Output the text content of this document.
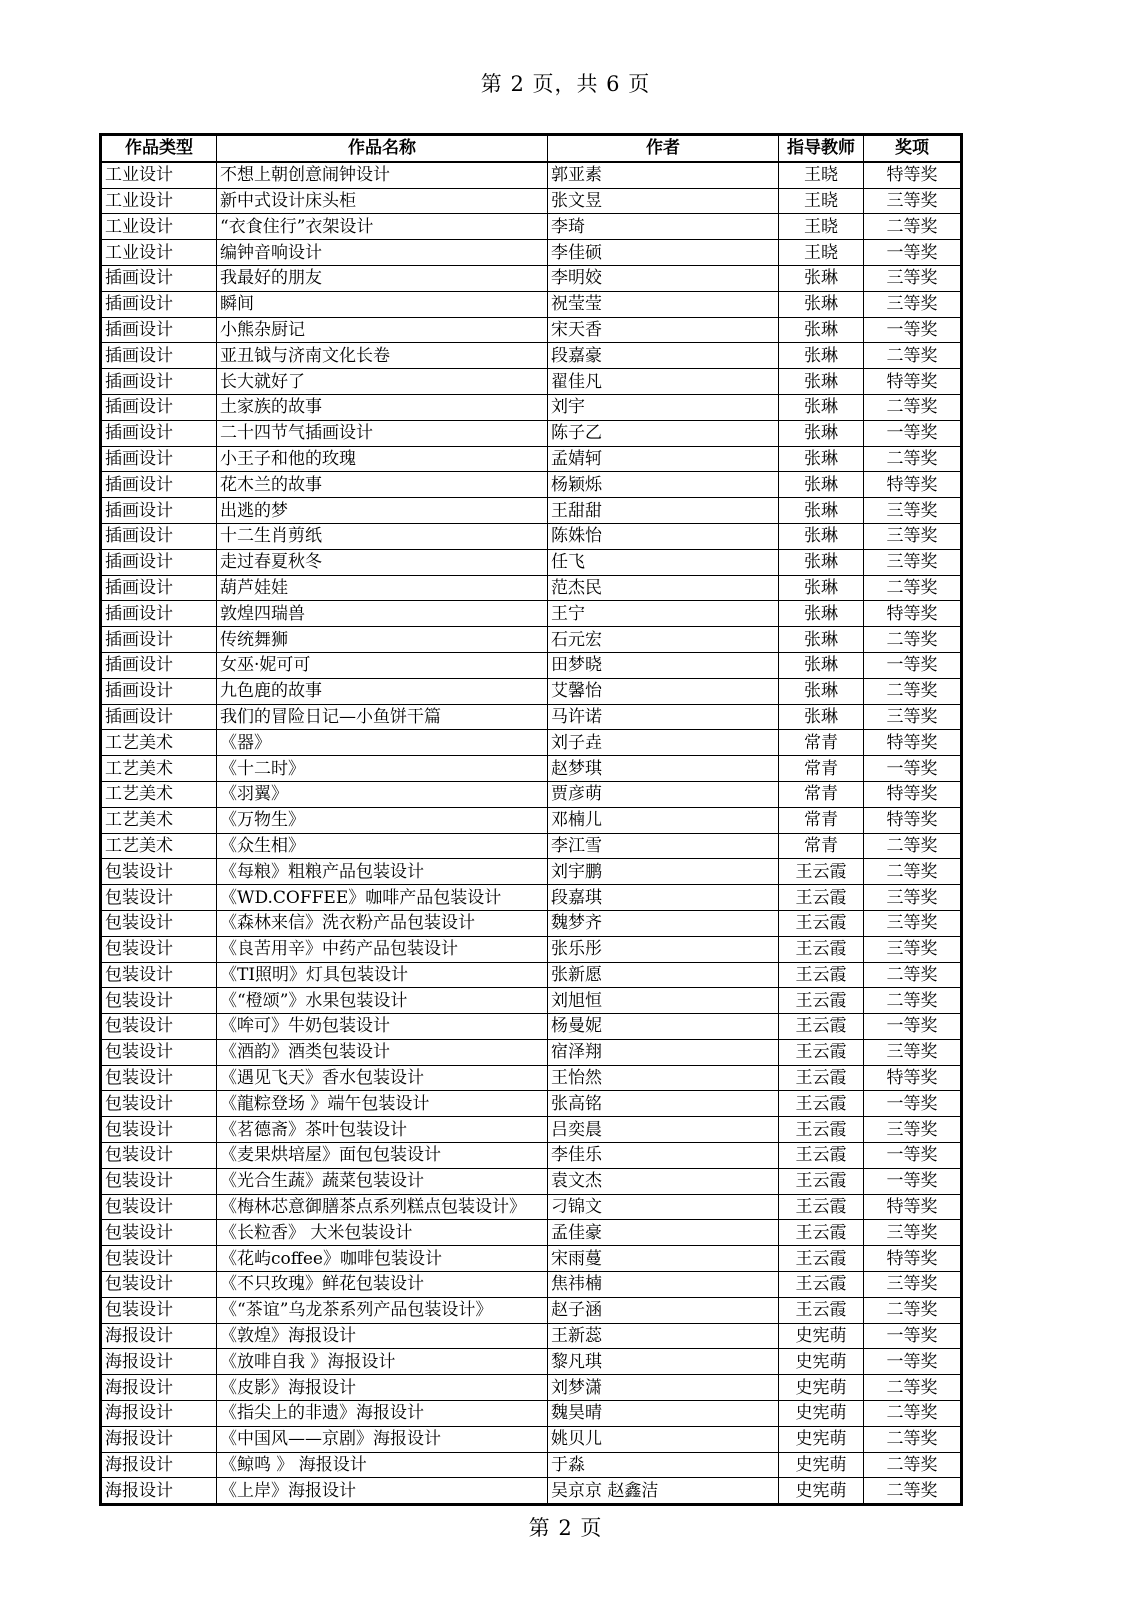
第 2 页，共 6 页
作品类型	作品名称	作者	指导教师	奖项
工业设计	不想上朝创意闹钟设计	郭亚素	王晓	特等奖
工业设计	新中式设计床头柜	张文昱	王晓	三等奖
工业设计	“衣食住行”衣架设计	李琦	王晓	二等奖
工业设计	编钟音响设计	李佳硕	王晓	一等奖
插画设计	我最好的朋友	李明姣	张琳	三等奖
插画设计	瞬间	祝莹莹	张琳	三等奖
插画设计	小熊杂厨记	宋天香	张琳	一等奖
插画设计	亚丑钺与济南文化长卷	段嘉豪	张琳	二等奖
插画设计	长大就好了	翟佳凡	张琳	特等奖
插画设计	土家族的故事	刘宇	张琳	二等奖
插画设计	二十四节气插画设计	陈子乙	张琳	一等奖
插画设计	小王子和他的玫瑰	孟婧轲	张琳	二等奖
插画设计	花木兰的故事	杨颖烁	张琳	特等奖
插画设计	出逃的梦	王甜甜	张琳	三等奖
插画设计	十二生肖剪纸	陈姝怡	张琳	三等奖
插画设计	走过春夏秋冬	任飞	张琳	三等奖
插画设计	葫芦娃娃	范杰民	张琳	二等奖
插画设计	敦煌四瑞兽	王宁	张琳	特等奖
插画设计	传统舞狮	石元宏	张琳	二等奖
插画设计	女巫·妮可可	田梦晓	张琳	一等奖
插画设计	九色鹿的故事	艾馨怡	张琳	二等奖
插画设计	我们的冒险日记—小鱼饼干篇	马许诺	张琳	三等奖
工艺美术	《器》	刘子垚	常青	特等奖
工艺美术	《十二时》	赵梦琪	常青	一等奖
工艺美术	《羽翼》	贾彦萌	常青	特等奖
工艺美术	《万物生》	邓楠儿	常青	特等奖
工艺美术	《众生相》	李江雪	常青	二等奖
包装设计	《每粮》粗粮产品包装设计	刘宇鹏	王云霞	二等奖
包装设计	《WD.COFFEE》咖啡产品包装设计	段嘉琪	王云霞	三等奖
包装设计	《森林来信》洗衣粉产品包装设计	魏梦齐	王云霞	三等奖
包装设计	《良苦用辛》中药产品包装设计	张乐彤	王云霞	三等奖
包装设计	《TI照明》灯具包装设计	张新愿	王云霞	二等奖
包装设计	《“橙颂”》水果包装设计	刘旭恒	王云霞	二等奖
包装设计	《哞可》牛奶包装设计	杨曼妮	王云霞	一等奖
包装设计	《酒韵》酒类包装设计	宿泽翔	王云霞	三等奖
包装设计	《遇见飞天》香水包装设计	王怡然	王云霞	特等奖
包装设计	《龍粽登场 》端午包装设计	张高铭	王云霞	一等奖
包装设计	《茗德斋》茶叶包装设计	吕奕晨	王云霞	三等奖
包装设计	《麦果烘培屋》面包包装设计	李佳乐	王云霞	一等奖
包装设计	《光合生蔬》蔬菜包装设计	袁文杰	王云霞	一等奖
包装设计	《梅林芯意御膳茶点系列糕点包装设计》	刁锦文	王云霞	特等奖
包装设计	《长粒香》 大米包装设计	孟佳豪	王云霞	三等奖
包装设计	《花屿coffee》咖啡包装设计	宋雨蔓	王云霞	特等奖
包装设计	《不只玫瑰》鲜花包装设计	焦祎楠	王云霞	三等奖
包装设计	《“茶谊”乌龙茶系列产品包装设计》	赵子涵	王云霞	二等奖
海报设计	《敦煌》海报设计	王新蕊	史宪萌	一等奖
海报设计	《放啡自我 》海报设计	黎凡琪	史宪萌	一等奖
海报设计	《皮影》海报设计	刘梦潇	史宪萌	二等奖
海报设计	《指尖上的非遗》海报设计	魏昊晴	史宪萌	二等奖
海报设计	《中国风——京剧》海报设计	姚贝儿	史宪萌	二等奖
海报设计	《鲸鸣 》 海报设计	于淼	史宪萌	二等奖
海报设计	《上岸》海报设计	吴京京 赵鑫洁	史宪萌	二等奖
第 2 页
